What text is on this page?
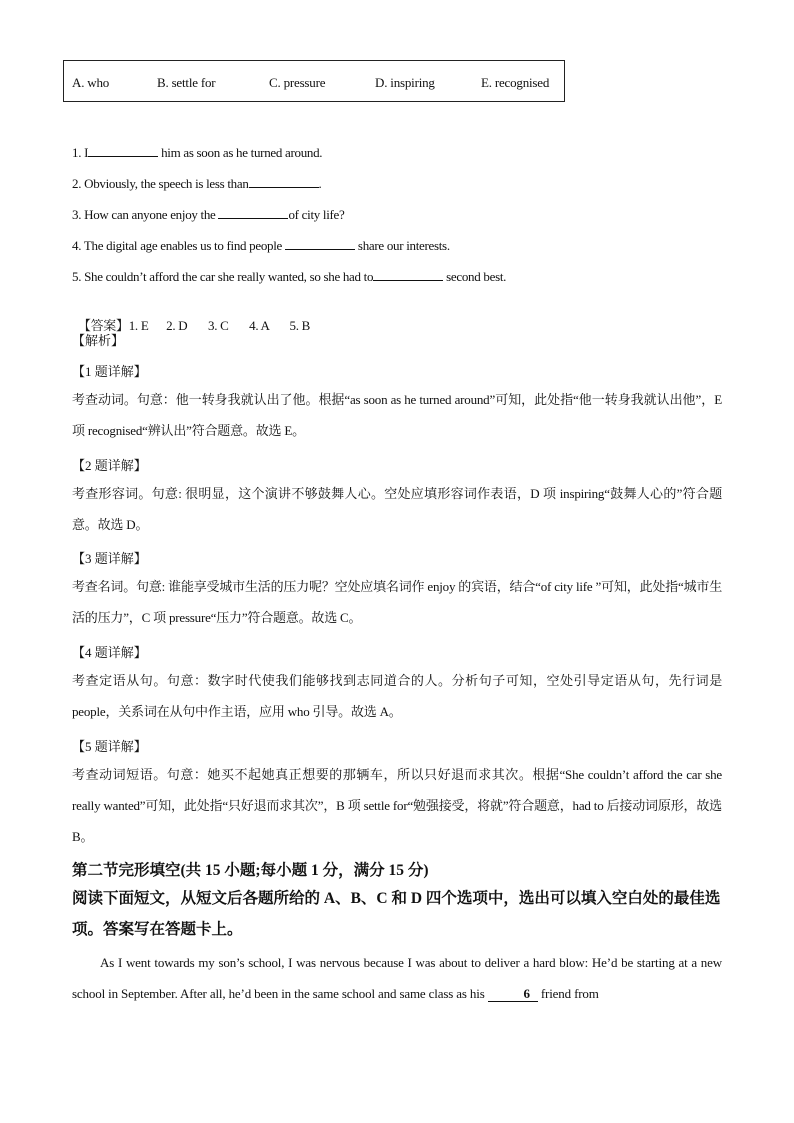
A. who	B. settle for	C. pressure	D. inspiring	E. recognised
1. I	him as soon as he turned around.
2. Obviously, the speech is less than	.
3. How can anyone enjoy the	of city life?
4. The digital age enables us to find people	share our interests.
5. She couldn’t afford the car she really wanted, so she had to	second best.

【答案】1. E      2. D       3. C       4. A       5. B

【解析】
【1 题详解】
考查动词。句意：他一转身我就认出了他。根据“as soon as he turned around”可知，此处指“他一转身我就认出他”，E 项 recognised“辨认出”符合题意。故选 E。
【2 题详解】
考查形容词。句意: 很明显，这个演讲不够鼓舞人心。空处应填形容词作表语，D 项 inspiring“鼓舞人心的”符合题意。故选 D。
【3 题详解】
考查名词。句意: 谁能享受城市生活的压力呢？空处应填名词作 enjoy 的宾语，结合“of city life ”可知，此处指“城市生活的压力”，C 项 pressure“压力”符合题意。故选 C。
【4 题详解】
考查定语从句。句意：数字时代使我们能够找到志同道合的人。分析句子可知，空处引导定语从句，先行词是 people，关系词在从句中作主语，应用 who 引导。故选 A。
【5 题详解】
考查动词短语。句意：她买不起她真正想要的那辆车，所以只好退而求其次。根据“She couldn’t afford the car she really wanted”可知，此处指“只好退而求其次”，B 项 settle for“勉强接受，将就”符合题意，had to 后接动词原形，故选 B。
第二节完形填空(共 15 小题;每小题 1 分，满分 15 分)
阅读下面短文，从短文后各题所给的 A、B、C 和 D 四个选项中，选出可以填入空白处的最佳选项。答案写在答题卡上。
As I went towards my son’s school, I was nervous because I was about to deliver a hard blow: He’d be starting at a new school in September. After all, he’d been in the same school and same class as his	6 friend from
